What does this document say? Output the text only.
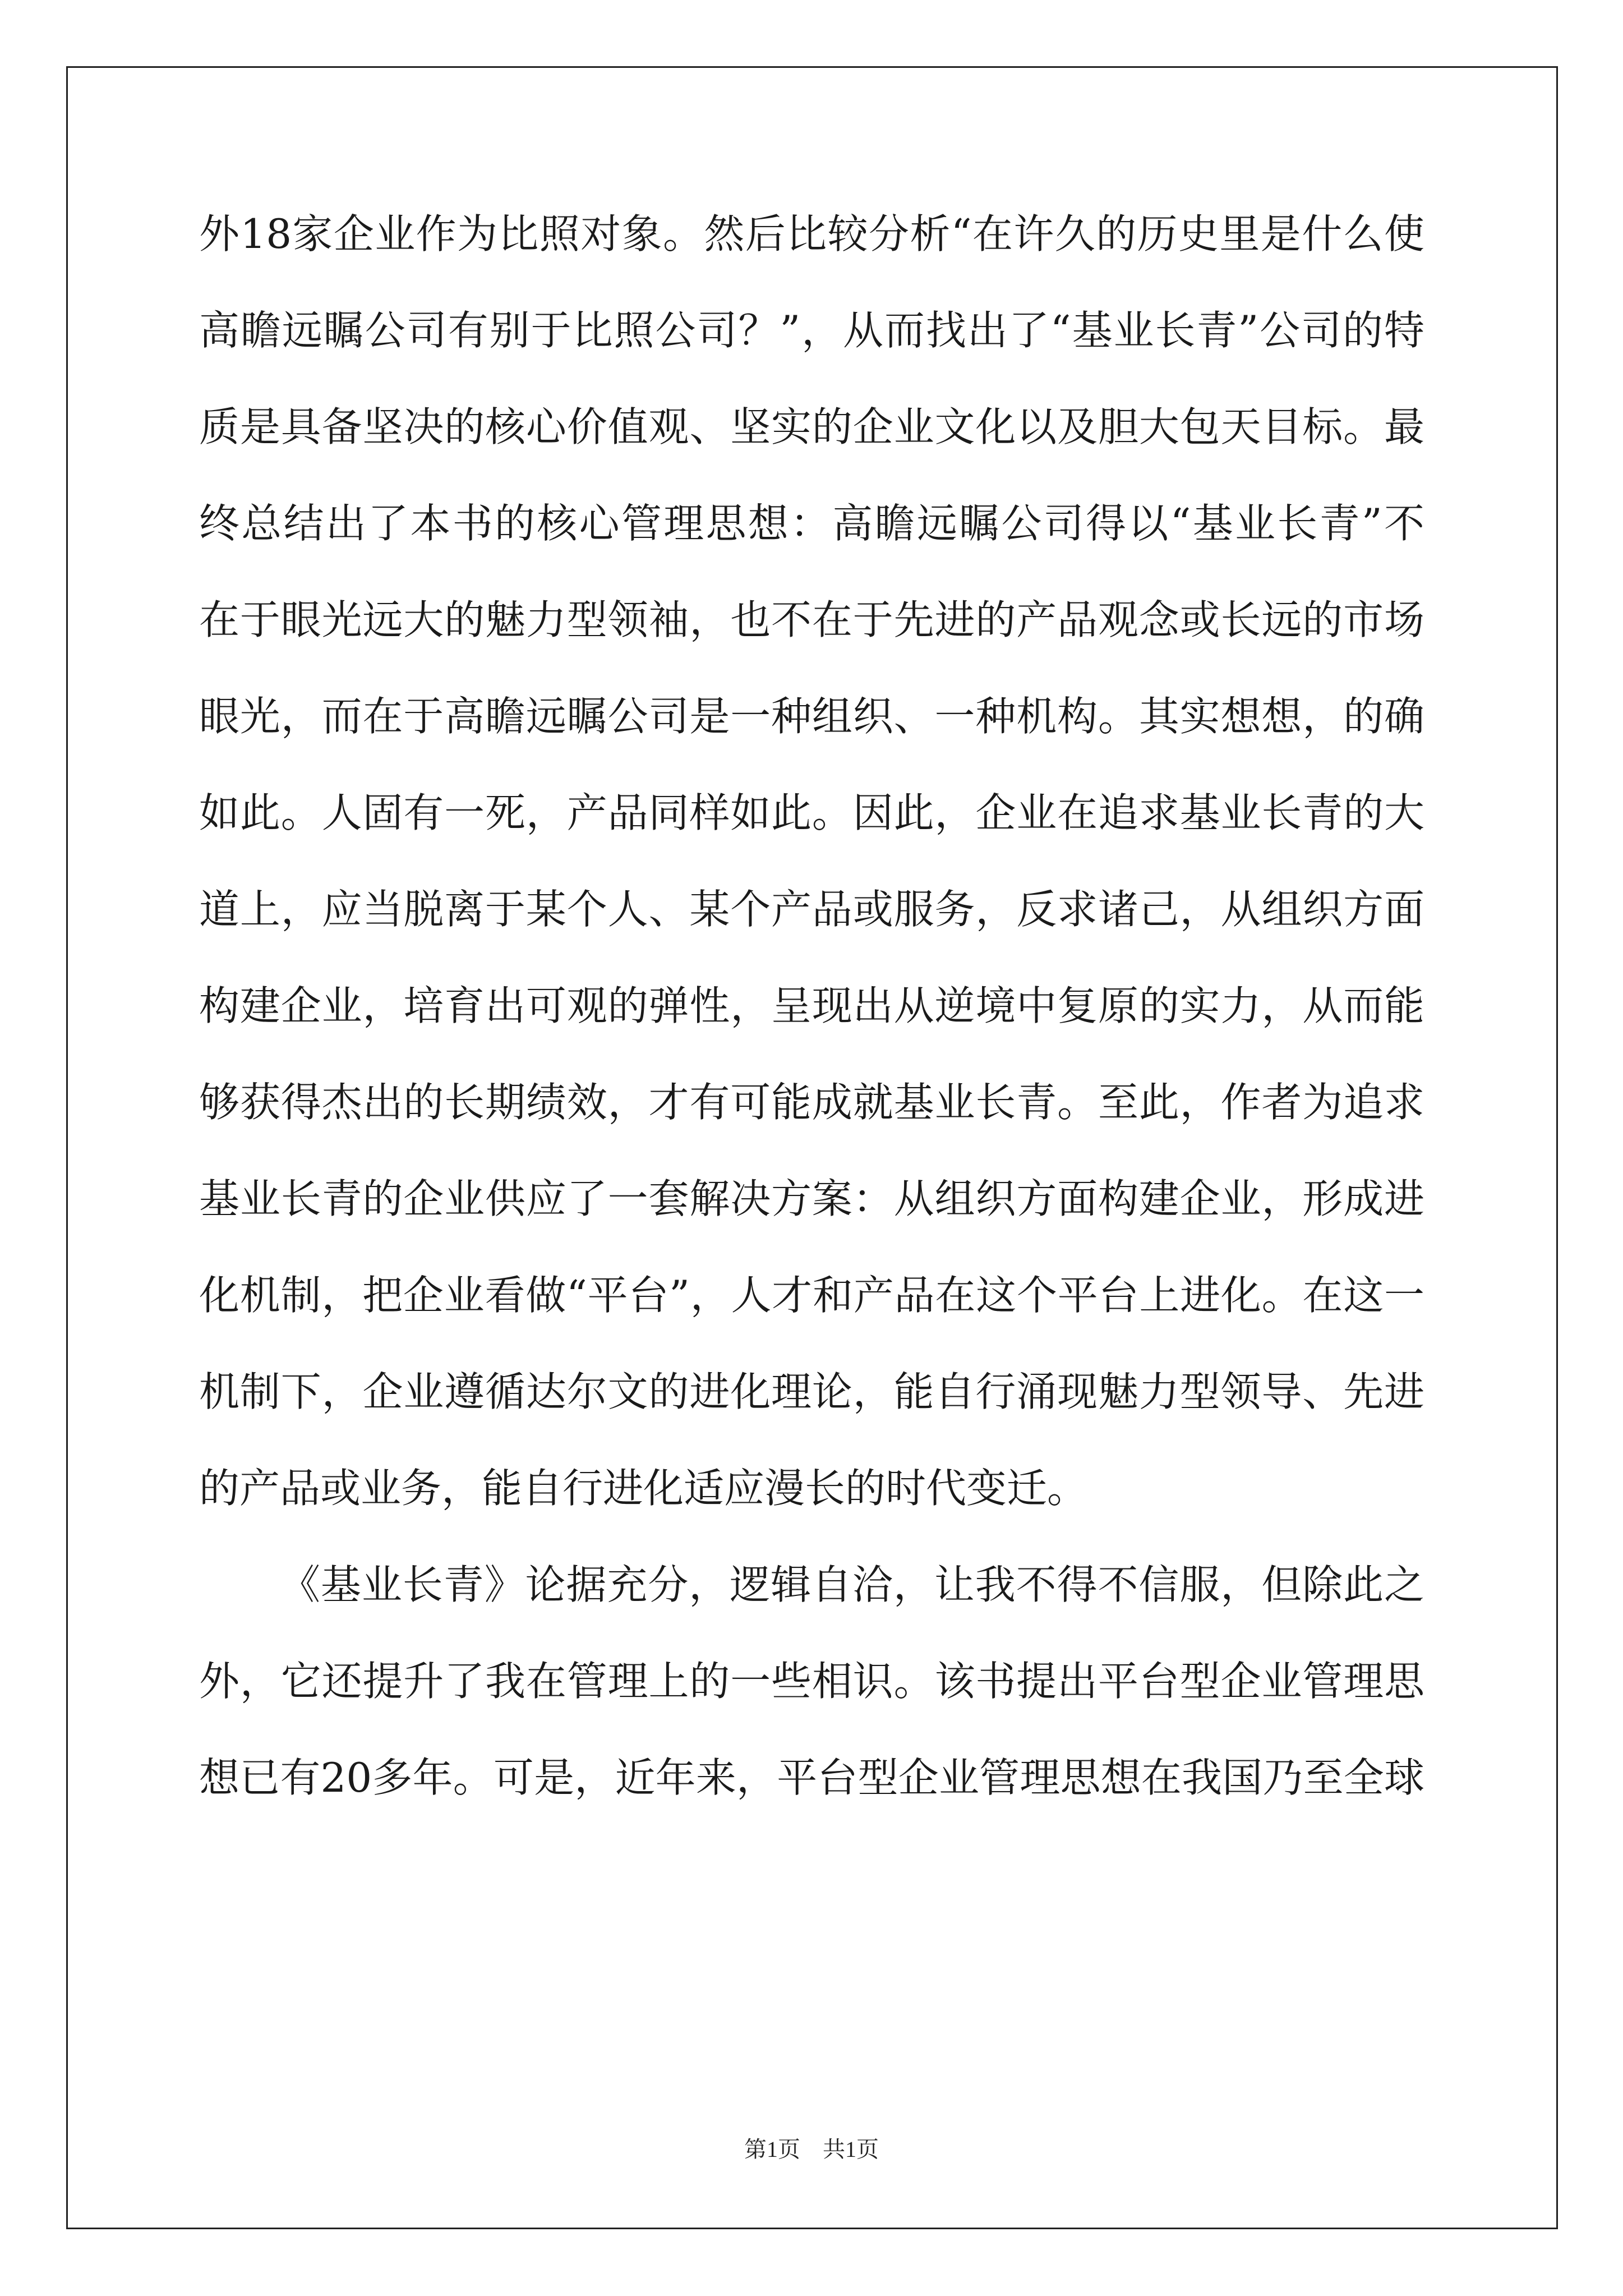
外18家企业作为比照对象。然后比较分析“在许久的历史里是什么使
高瞻远瞩公司有别于比照公司？”，从而找出了“基业长青”公司的特
质是具备坚决的核心价值观、坚实的企业文化以及胆大包天目标。最
终总结出了本书的核心管理思想：高瞻远瞩公司得以“基业长青”不
在于眼光远大的魅力型领袖，也不在于先进的产品观念或长远的市场
眼光，而在于高瞻远瞩公司是一种组织、一种机构。其实想想，的确
如此。人固有一死，产品同样如此。因此，企业在追求基业长青的大
道上，应当脱离于某个人、某个产品或服务，反求诸己，从组织方面
构建企业，培育出可观的弹性，呈现出从逆境中复原的实力，从而能
够获得杰出的长期绩效，才有可能成就基业长青。至此，作者为追求
基业长青的企业供应了一套解决方案：从组织方面构建企业，形成进
化机制，把企业看做“平台”，人才和产品在这个平台上进化。在这一
机制下，企业遵循达尔文的进化理论，能自行涌现魅力型领导、先进
的产品或业务，能自行进化适应漫长的时代变迁。
《基业长青》论据充分，逻辑自洽，让我不得不信服，但除此之
外，它还提升了我在管理上的一些相识。该书提出平台型企业管理思
想已有20多年。可是，近年来，平台型企业管理思想在我国乃至全球
第1页　共1页
